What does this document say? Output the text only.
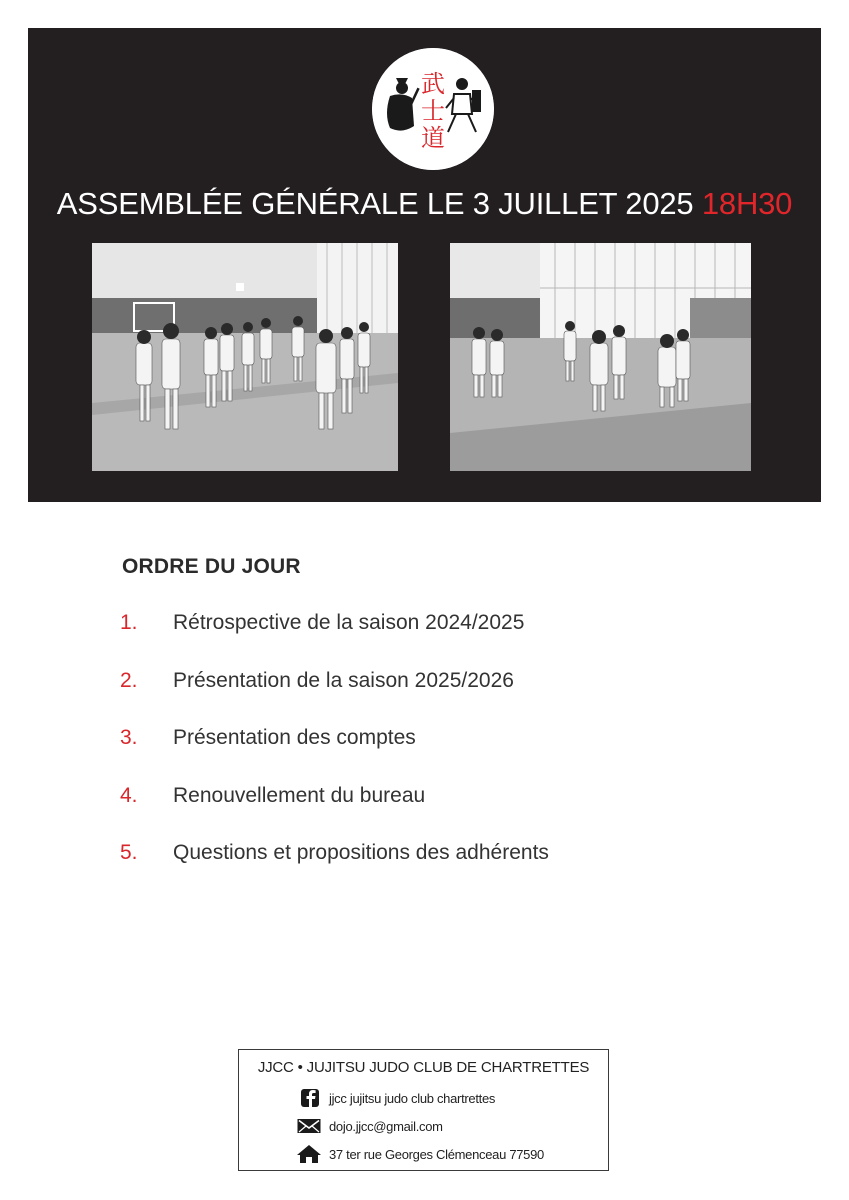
武
士
道
ASSEMBLÉE GÉNÉRALE LE 3 JUILLET 2025 18H30
ORDRE DU JOUR
1. Rétrospective de la saison 2024/2025
2. Présentation de la saison 2025/2026
3. Présentation des comptes
4. Renouvellement du bureau
5. Questions et propositions des adhérents
JJCC • JUJITSU JUDO CLUB DE CHARTRETTES
jjcc jujitsu judo club chartrettes
dojo.jjcc@gmail.com
37 ter rue Georges Clémenceau 77590
